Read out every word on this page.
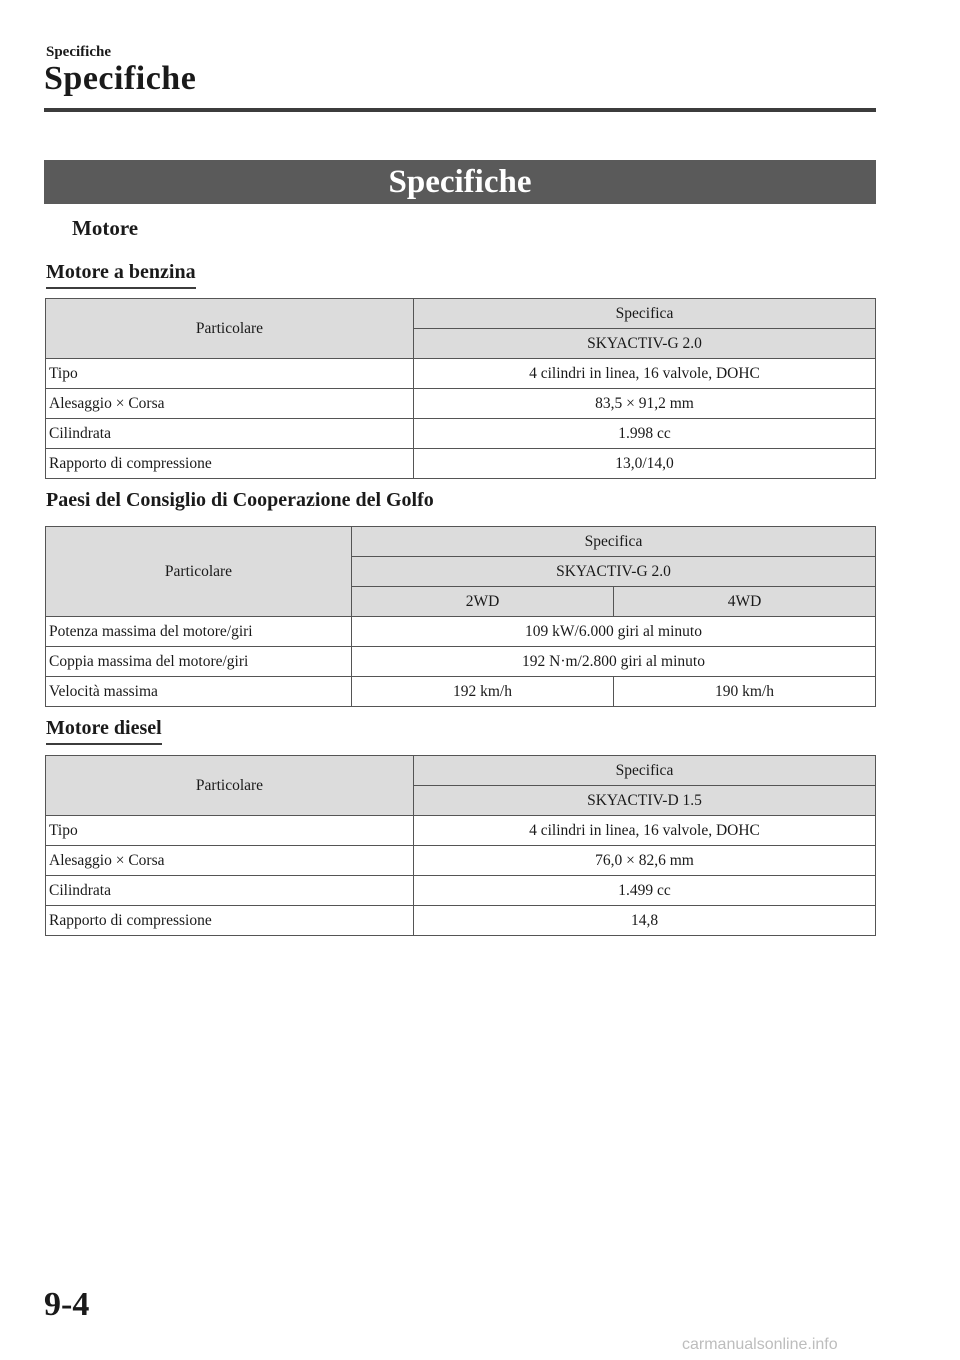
Specifiche
Specifiche
Specifiche
Motore
Motore a benzina
Particolare	Specifica
	SKYACTIV-G 2.0
Tipo	4 cilindri in linea, 16 valvole, DOHC
Alesaggio × Corsa	83,5 × 91,2 mm
Cilindrata	1.998 cc
Rapporto di compressione	13,0/14,0
Paesi del Consiglio di Cooperazione del Golfo
Particolare	Specifica	
	SKYACTIV-G 2.0	
	2WD	4WD
Potenza massima del motore/giri	109 kW/6.000 giri al minuto	
Coppia massima del motore/giri	192 N·m/2.800 giri al minuto	
Velocità massima	192 km/h	190 km/h
Motore diesel
Particolare	Specifica
	SKYACTIV-D 1.5
Tipo	4 cilindri in linea, 16 valvole, DOHC
Alesaggio × Corsa	76,0 × 82,6 mm
Cilindrata	1.499 cc
Rapporto di compressione	14,8
9-4
carmanualsonline.info
